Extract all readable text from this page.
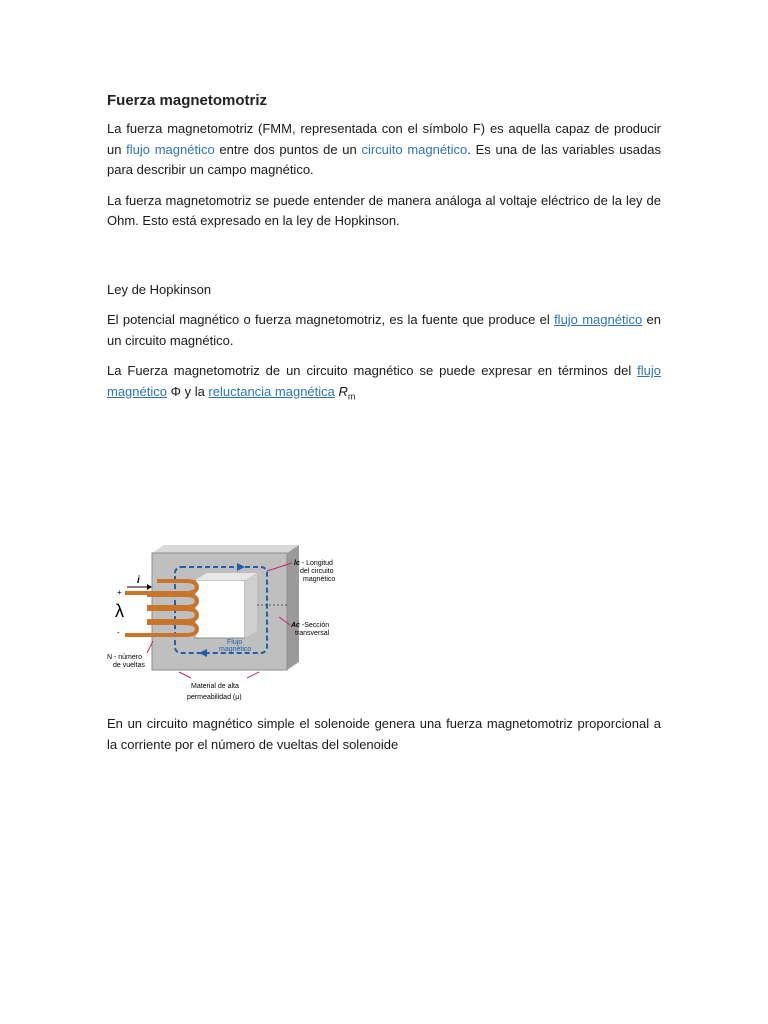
Fuerza magnetomotriz

La fuerza magnetomotriz (FMM, representada con el símbolo F) es aquella capaz de producir un flujo magnético entre dos puntos de un circuito magnético. Es una de las variables usadas para describir un campo magnético.

La fuerza magnetomotriz se puede entender de manera análoga al voltaje eléctrico de la ley de Ohm. Esto está expresado en la ley de Hopkinson.

Ley de Hopkinson

El potencial magnético o fuerza magnetomotriz, es la fuente que produce el flujo magnético en un circuito magnético.

La Fuerza magnetomotriz de un circuito magnético se puede expresar en términos del flujo magnético Φ y la reluctancia magnética $R_m$

i
+
λ
-
lc - Longitud
del circuito
magnético
Ac -Sección
transversal
Flujo
magnético
N - número
de vueltas
Material de alta
permeabilidad (μ)

En un circuito magnético simple el solenoide genera una fuerza magnetomotriz proporcional a la corriente por el número de vueltas del solenoide
